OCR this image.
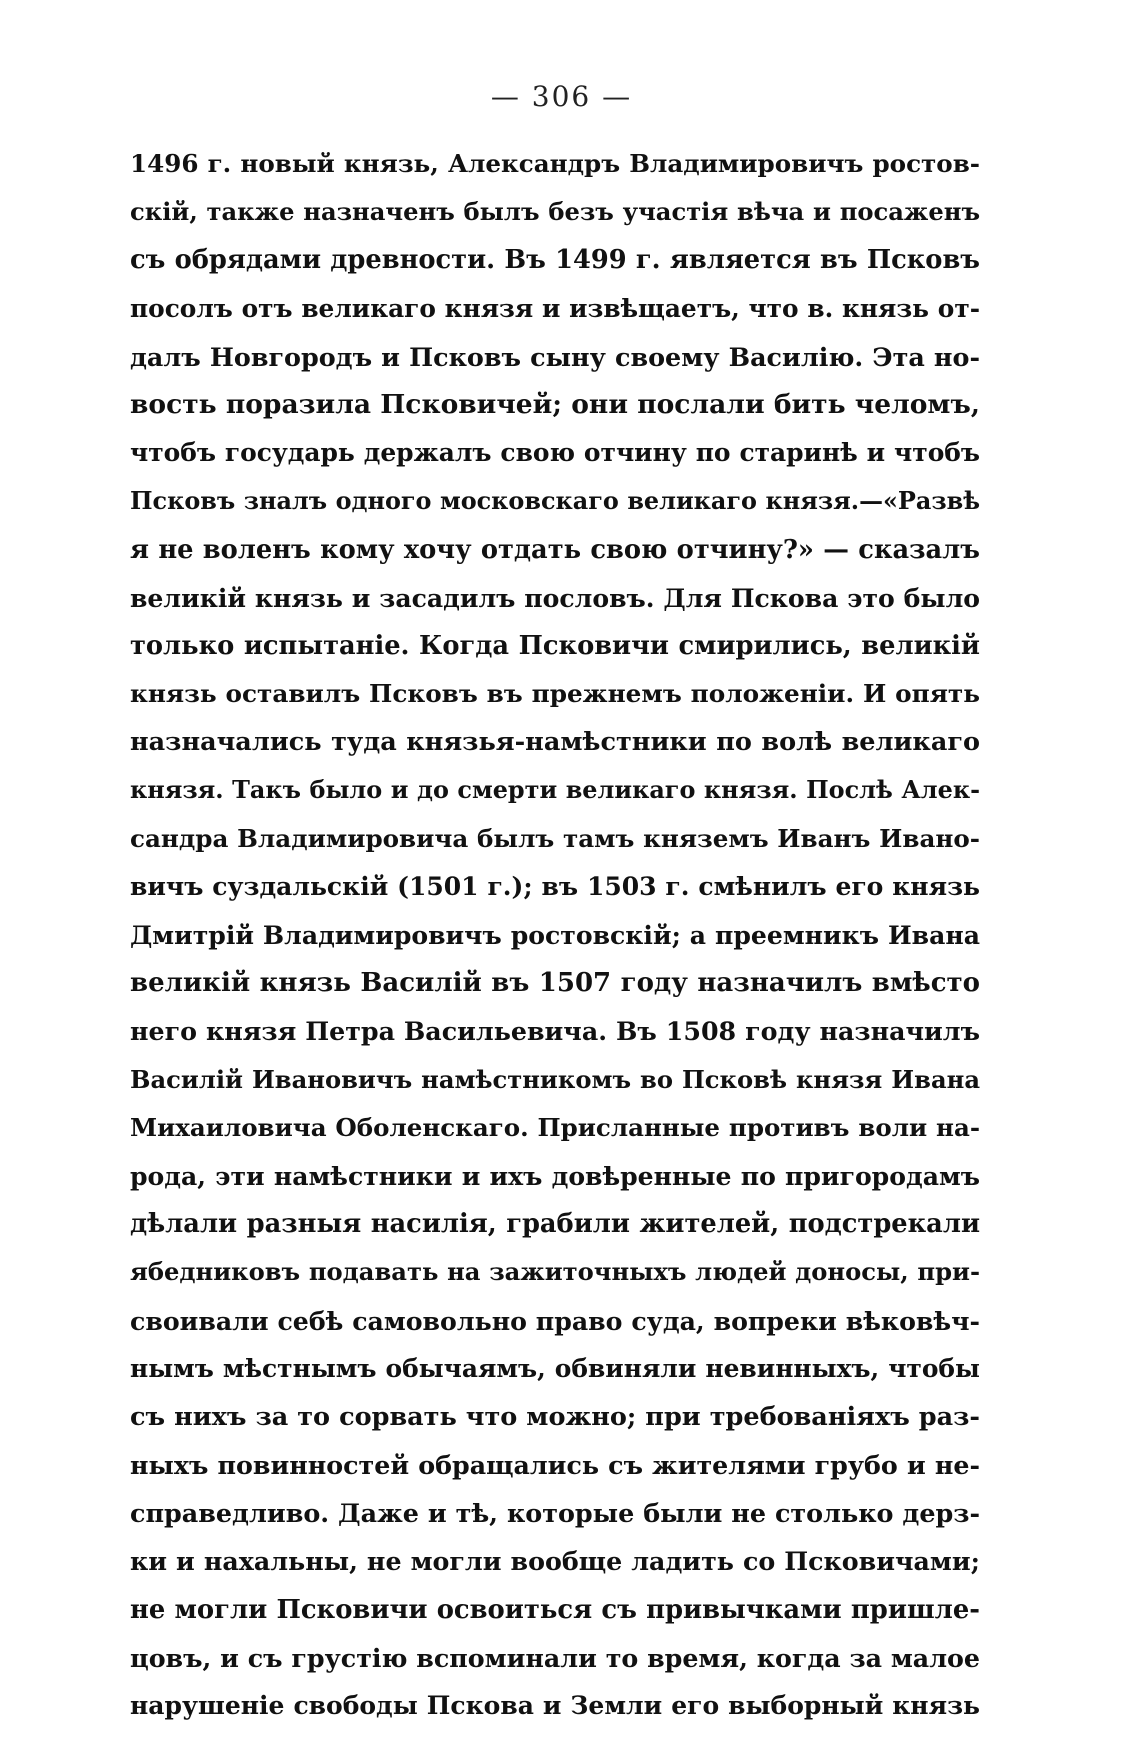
— 306 —
1496 г. новый князь, Александръ Владимировичъ ростов-
скій, также назначенъ былъ безъ участія вѣча и посаженъ
съ обрядами древности. Въ 1499 г. является въ Псковъ
посолъ отъ великаго князя и извѣщаетъ, что в. князь от-
далъ Новгородъ и Псковъ сыну своему Василію. Эта но-
вость поразила Псковичей; они послали бить челомъ,
чтобъ государь держалъ свою отчину по старинѣ и чтобъ
Псковъ зналъ одного московскаго великаго князя.—«Развѣ
я не воленъ кому хочу отдать свою отчину?» — сказалъ
великій князь и засадилъ пословъ. Для Пскова это было
только испытаніе. Когда Псковичи смирились, великій
князь оставилъ Псковъ въ прежнемъ положеніи. И опять
назначались туда князья-намѣстники по волѣ великаго
князя. Такъ было и до смерти великаго князя. Послѣ Алек-
сандра Владимировича былъ тамъ княземъ Иванъ Ивано-
вичъ суздальскій (1501 г.); въ 1503 г. смѣнилъ его князь
Дмитрій Владимировичъ ростовскій; а преемникъ Ивана
великій князь Василій въ 1507 году назначилъ вмѣсто
него князя Петра Васильевича. Въ 1508 году назначилъ
Василій Ивановичъ намѣстникомъ во Псковѣ князя Ивана
Михаиловича Оболенскаго. Присланные противъ воли на-
рода, эти намѣстники и ихъ довѣренные по пригородамъ
дѣлали разныя насилія, грабили жителей, подстрекали
ябедниковъ подавать на зажиточныхъ людей доносы, при-
своивали себѣ самовольно право суда, вопреки вѣковѣч-
нымъ мѣстнымъ обычаямъ, обвиняли невинныхъ, чтобы
съ нихъ за то сорвать что можно; при требованіяхъ раз-
ныхъ повинностей обращались съ жителями грубо и не-
справедливо. Даже и тѣ, которые были не столько дерз-
ки и нахальны, не могли вообще ладить со Псковичами;
не могли Псковичи освоиться съ привычками пришле-
цовъ, и съ грустію вспоминали то время, когда за малое
нарушеніе свободы Пскова и Земли его выборный князь
